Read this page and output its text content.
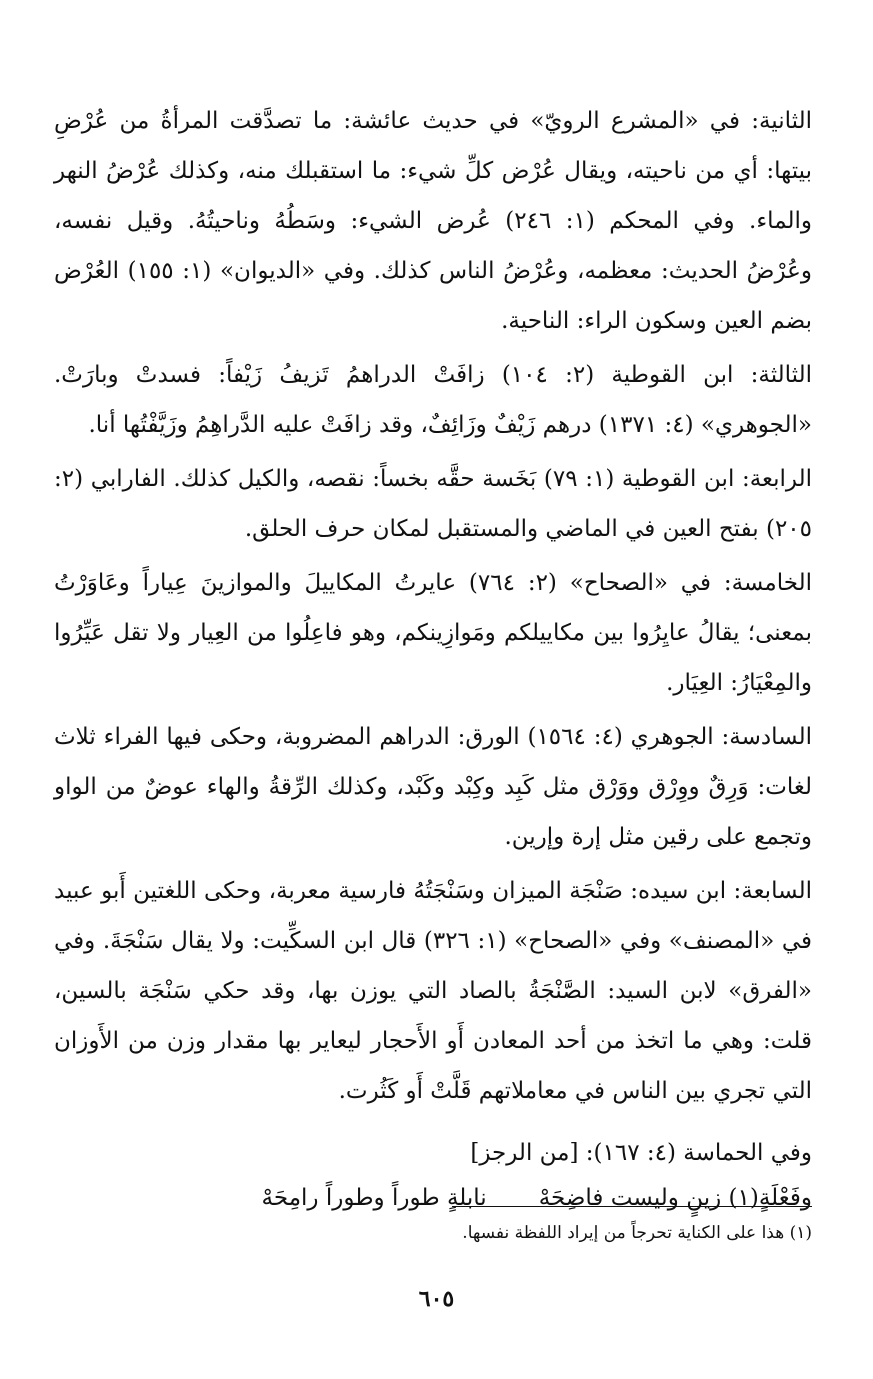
الثانية: في «المشرع الرويّ» في حديث عائشة: ما تصدَّقت المرأةُ من عُرْضِ بيتها: أي من ناحيته، ويقال عُرْض كلِّ شيء: ما استقبلك منه، وكذلك عُرْضُ النهر والماء. وفي المحكم (١: ٢٤٦) عُرض الشيء: وسَطُهُ وناحيتُهُ. وقيل نفسه، وعُرْضُ الحديث: معظمه، وعُرْضُ الناس كذلك. وفي «الديوان» (١: ١٥٥) العُرْض بضم العين وسكون الراء: الناحية.

الثالثة: ابن القوطية (٢: ١٠٤) زافَتْ الدراهمُ تَزيفُ زَيْفاً: فسدتْ وبارَتْ. «الجوهري» (٤: ١٣٧١) درهم زَيْفٌ وزَائِفٌ، وقد زافَتْ عليه الدَّراهِمُ وزَيَّفْتُها أنا.

الرابعة: ابن القوطية (١: ٧٩) بَخَسة حقَّه بخساً: نقصه، والكيل كذلك. الفارابي (٢: ٢٠٥) بفتح العين في الماضي والمستقبل لمكان حرف الحلق.

الخامسة: في «الصحاح» (٢: ٧٦٤) عايرتُ المكاييلَ والموازينَ عِياراً وعَاوَرْتُ بمعنى؛ يقالُ عايِرُوا بين مكاييلكم ومَوازِينكم، وهو فاعِلُوا من العِيار ولا تقل عَيِّرُوا والمِعْيَارُ: العِيَار.

السادسة: الجوهري (٤: ١٥٦٤) الورق: الدراهم المضروبة، وحكى فيها الفراء ثلاث لغات: وَرِقٌ ووِرْق ووَرْق مثل كَبِد وكِبْد وكَبْد، وكذلك الرِّقةُ والهاء عوضٌ من الواو وتجمع على رقين مثل إرة وإرين.

السابعة: ابن سيده: صَنْجَة الميزان وسَنْجَتُهُ فارسية معربة، وحكى اللغتين أَبو عبيد في «المصنف» وفي «الصحاح» (١: ٣٢٦) قال ابن السكِّيت: ولا يقال سَنْجَةَ. وفي «الفرق» لابن السيد: الصَّنْجَةُ بالصاد التي يوزن بها، وقد حكي سَنْجَة بالسين، قلت: وهي ما اتخذ من أحد المعادن أَو الأَحجار ليعاير بها مقدار وزن من الأَوزان التي تجري بين الناس في معاملاتهم قَلَّتْ أَو كَثُرت.

وفي الحماسة (٤: ١٦٧): [من الرجز]
وفَعْلَةٍ(١) زينٍ وليست فاضِحَهْ
نابلةٍ طوراً وطوراً رامِحَهْ
(١) هذا على الكناية تحرجاً من إيراد اللفظة نفسها.
٦٠٥
